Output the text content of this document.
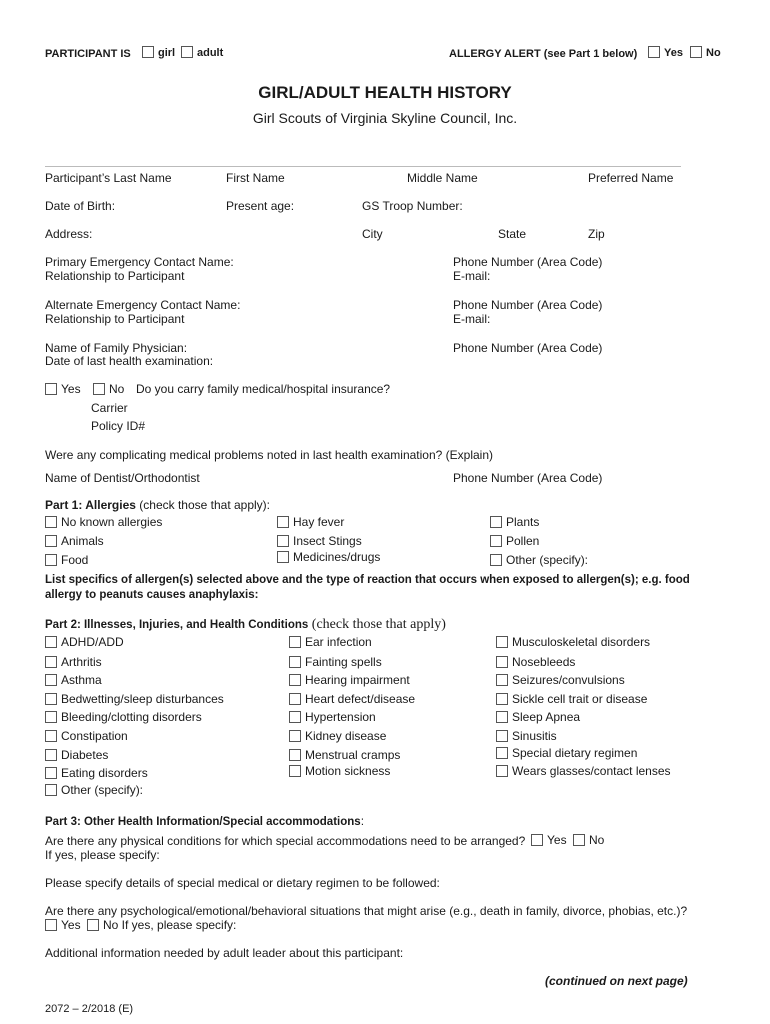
PARTICIPANT IS	girl	adult	ALLERGY ALERT (see Part 1 below)	Yes	No
GIRL/ADULT HEALTH HISTORY
Girl Scouts of Virginia Skyline Council, Inc.
Participant’s Last Name	First Name	Middle Name	Preferred Name
Date of Birth:	Present age:	GS Troop Number:
Address:	City	State	Zip
Primary Emergency Contact Name:
Relationship to Participant
Phone Number (Area Code)
E-mail:
Alternate Emergency Contact Name:
Relationship to Participant
Phone Number (Area Code)
E-mail:
Name of Family Physician:
Date of last health examination:
Phone Number (Area Code)
Yes	No Do you carry family medical/hospital insurance?
Carrier
Policy ID#
Were any complicating medical problems noted in last health examination? (Explain)
Name of Dentist/Orthodontist	Phone Number (Area Code)
Part 1: Allergies (check those that apply):
No known allergies
Animals
Food
Hay fever
Insect Stings
Medicines/drugs
Plants
Pollen
Other (specify):
List specifics of allergen(s) selected above and the type of reaction that occurs when exposed to allergen(s); e.g. food
allergy to peanuts causes anaphylaxis:
Part 2: Illnesses, Injuries, and Health Conditions (check those that apply)
ADHD/ADD
Arthritis
Asthma
Bedwetting/sleep disturbances
Bleeding/clotting disorders
Constipation
Diabetes
Eating disorders
Other (specify):
Ear infection
Fainting spells
Hearing impairment
Heart defect/disease
Hypertension
Kidney disease
Menstrual cramps
Motion sickness
Musculoskeletal disorders
Nosebleeds
Seizures/convulsions
Sickle cell trait or disease
Sleep Apnea
Sinusitis
Special dietary regimen
Wears glasses/contact lenses
Part 3: Other Health Information/Special accommodations:
Are there any physical conditions for which special accommodations need to be arranged?	Yes	No
If yes, please specify:
Please specify details of special medical or dietary regimen to be followed:
Are there any psychological/emotional/behavioral situations that might arise (e.g., death in family, divorce, phobias, etc.)?
Yes	No If yes, please specify:
Additional information needed by adult leader about this participant:
(continued on next page)
2072 – 2/2018 (E)
